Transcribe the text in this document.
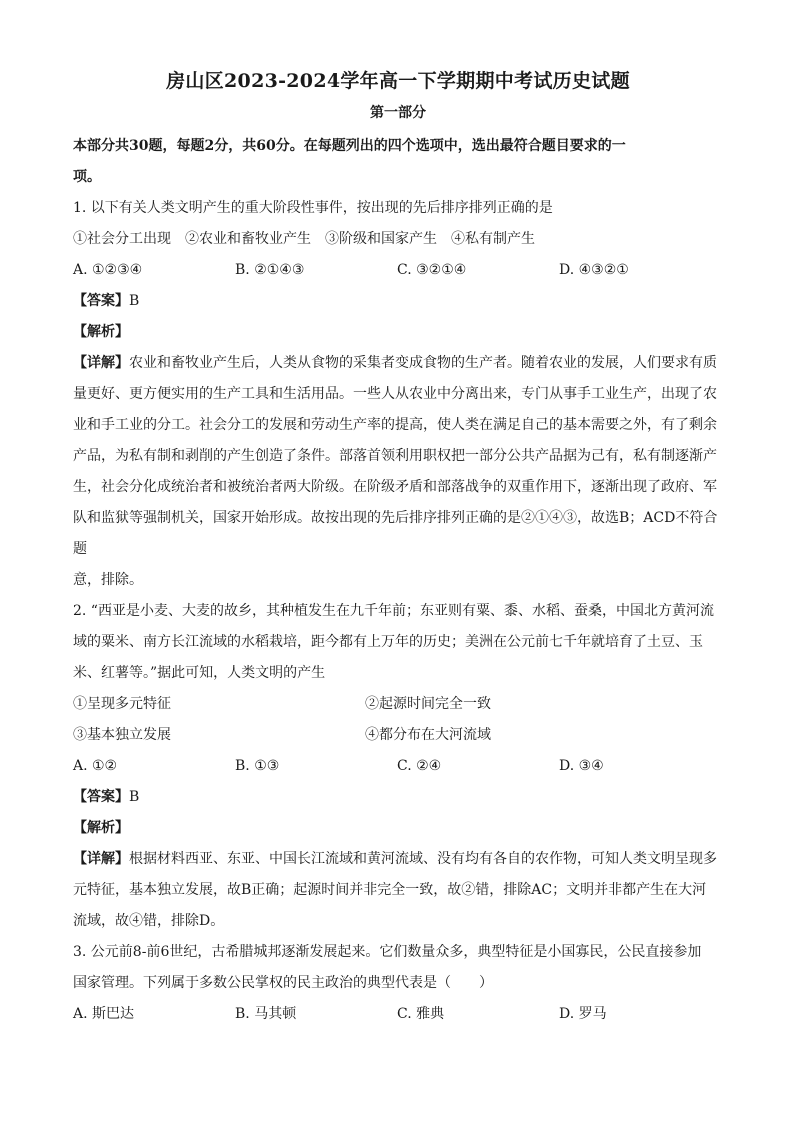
房山区2023-2024学年高一下学期期中考试历史试题
第一部分

本部分共30题，每题2分，共60分。在每题列出的四个选项中，选出最符合题目要求的一

项。

1. 以下有关人类文明产生的重大阶段性事件，按出现的先后排序排列正确的是

①社会分工出现　②农业和畜牧业产生　③阶级和国家产生　④私有制产生

A. ①②③④	B. ②①④③	C. ③②①④	D. ④③②①

【答案】B

【解析】

【详解】农业和畜牧业产生后，人类从食物的采集者变成食物的生产者。随着农业的发展，人们要求有质

量更好、更方便实用的生产工具和生活用品。一些人从农业中分离出来，专门从事手工业生产，出现了农

业和手工业的分工。社会分工的发展和劳动生产率的提高，使人类在满足自己的基本需要之外，有了剩余

产品，为私有制和剥削的产生创造了条件。部落首领利用职权把一部分公共产品据为己有，私有制逐渐产

生，社会分化成统治者和被统治者两大阶级。在阶级矛盾和部落战争的双重作用下，逐渐出现了政府、军

队和监狱等强制机关，国家开始形成。故按出现的先后排序排列正确的是②①④③，故选B；ACD不符合题

意，排除。

2. “西亚是小麦、大麦的故乡，其种植发生在九千年前；东亚则有粟、黍、水稻、蚕桑，中国北方黄河流

域的粟米、南方长江流域的水稻栽培，距今都有上万年的历史；美洲在公元前七千年就培育了土豆、玉

米、红薯等。”据此可知，人类文明的产生

①呈现多元特征	②起源时间完全一致
③基本独立发展	④都分布在大河流域
A. ①②	B. ①③	C. ②④	D. ③④

【答案】B

【解析】

【详解】根据材料西亚、东亚、中国长江流域和黄河流域、没有均有各自的农作物，可知人类文明呈现多

元特征，基本独立发展，故B正确；起源时间并非完全一致，故②错，排除AC；文明并非都产生在大河

流域，故④错，排除D。

3. 公元前8-前6世纪，古希腊城邦逐渐发展起来。它们数量众多，典型特征是小国寡民，公民直接参加

国家管理。下列属于多数公民掌权的民主政治的典型代表是（　　）

A. 斯巴达	B. 马其顿	C. 雅典	D. 罗马
